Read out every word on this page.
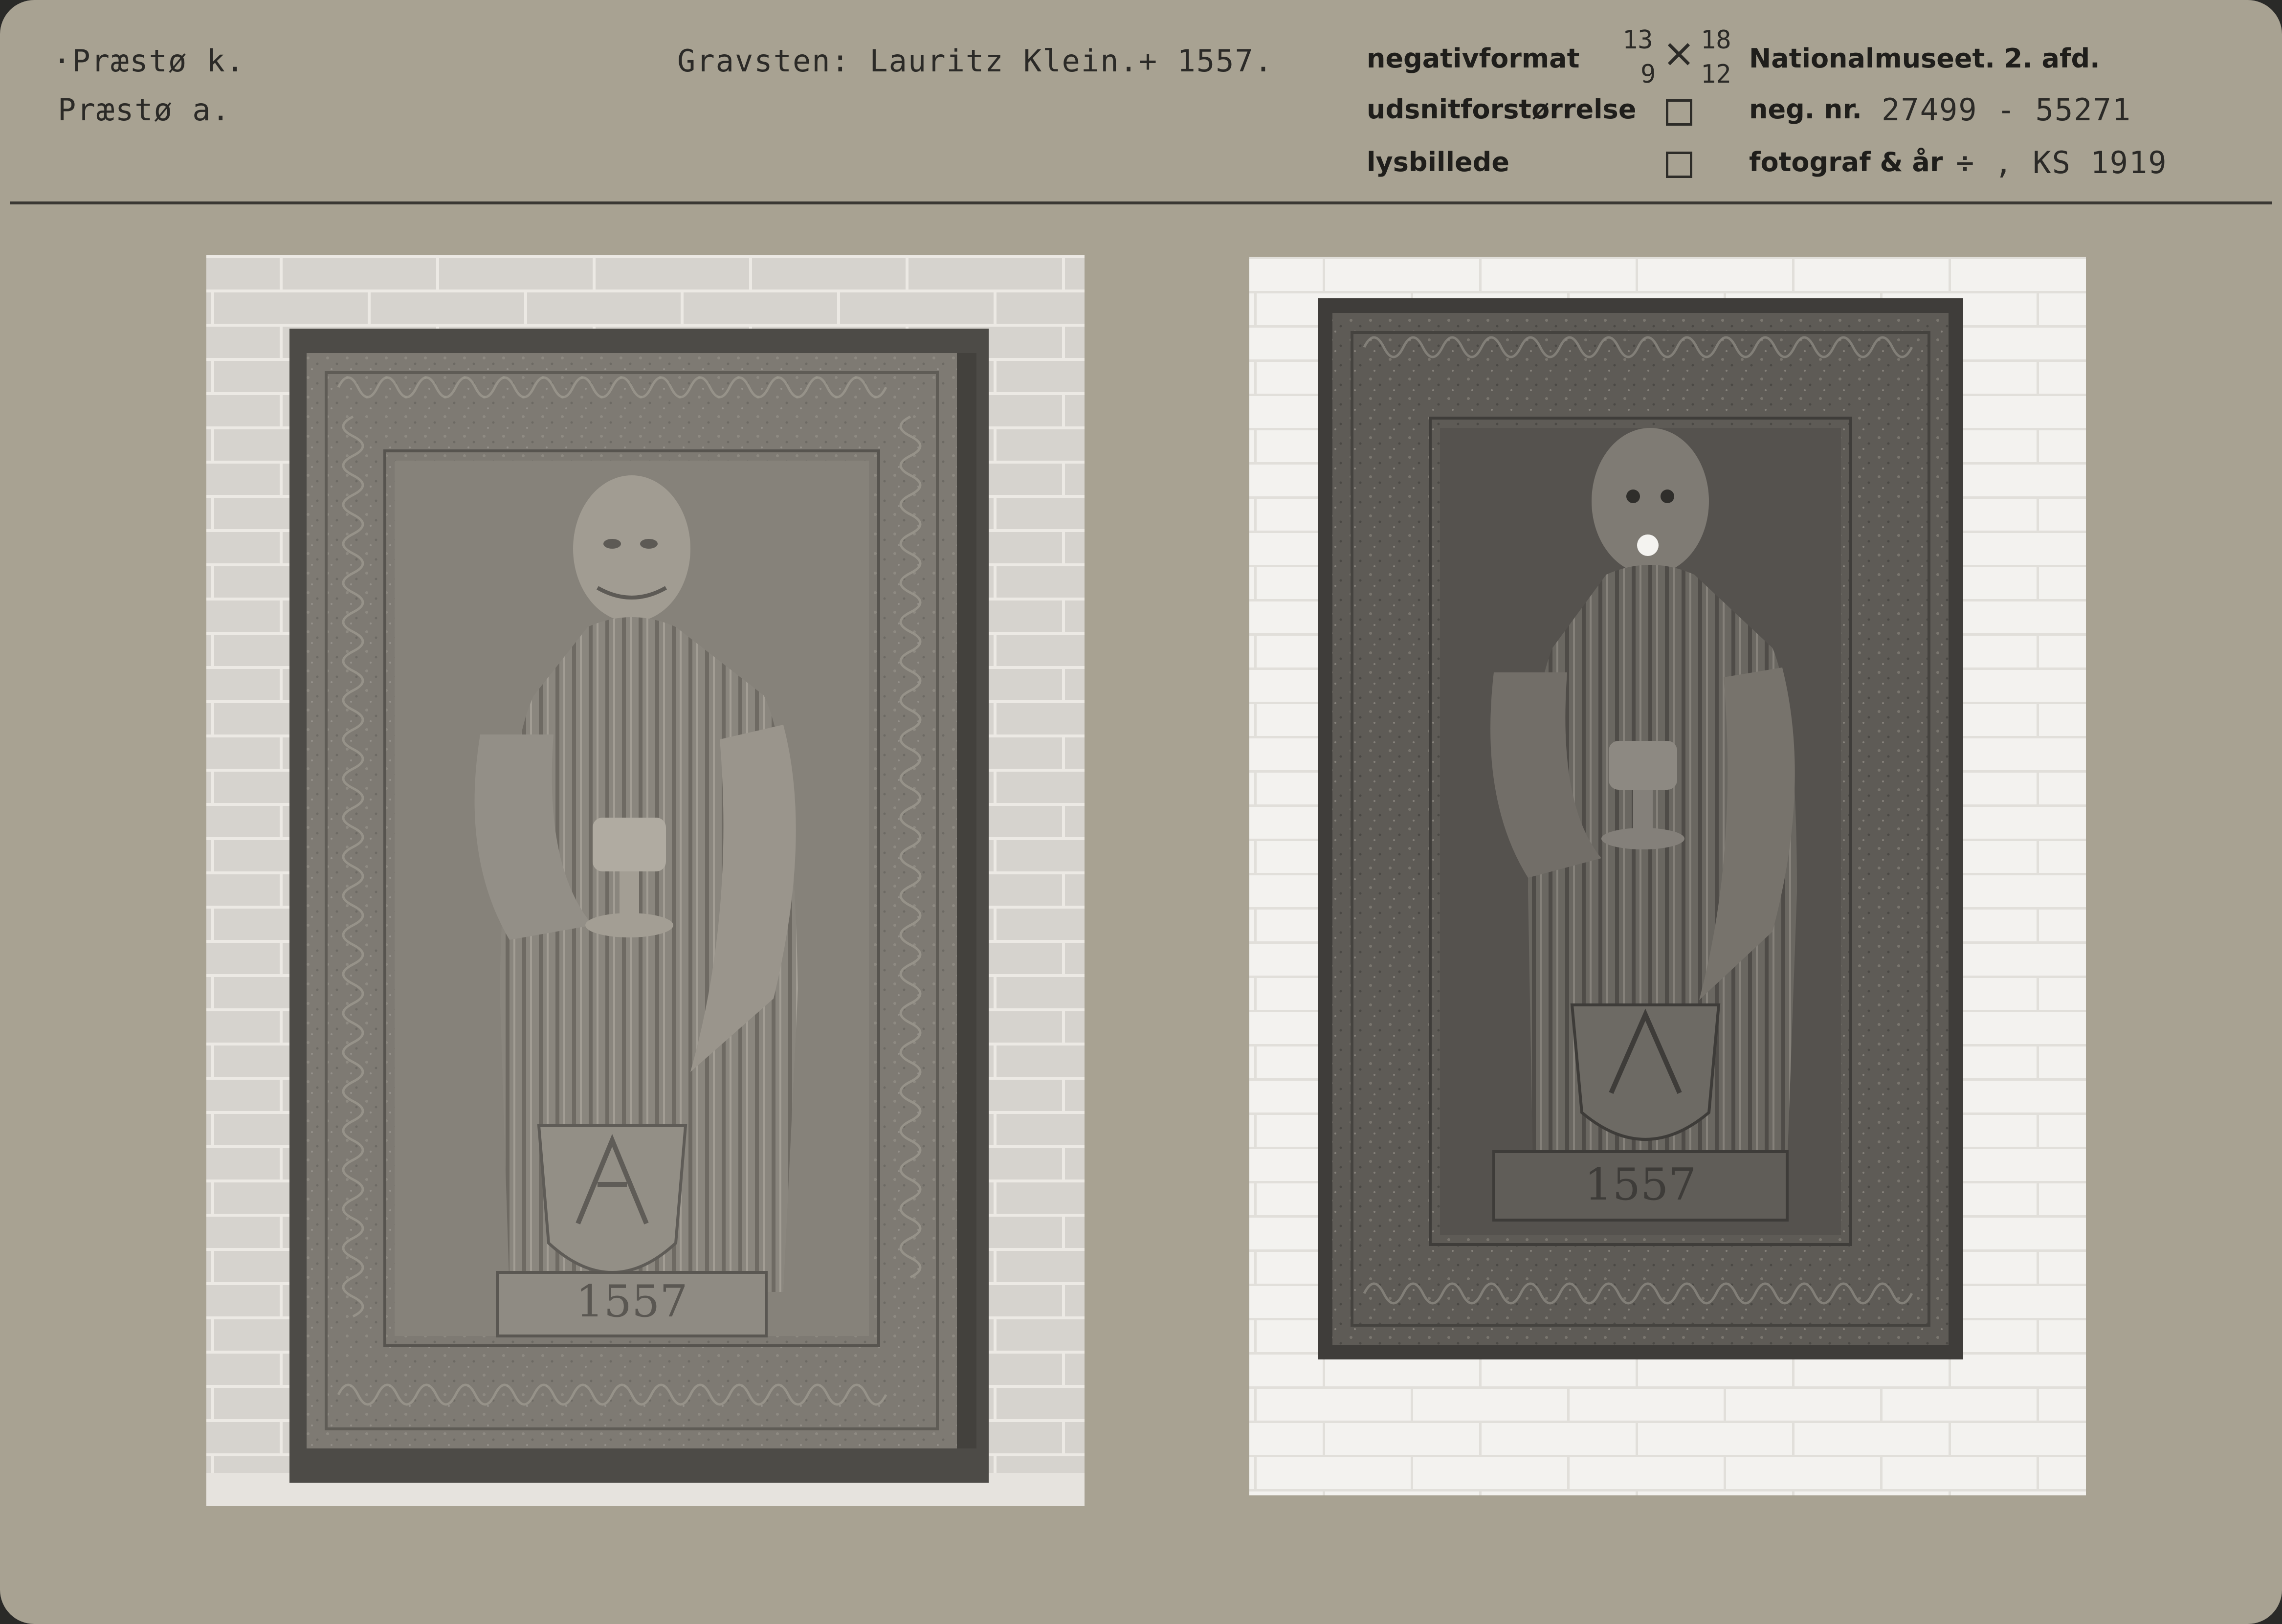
·Præstø k.
Præstø a.
Gravsten: Lauritz Klein.+ 1557.	negativformat
udsnitforstørrelse
lysbillede
13
9 × 18
12
Nationalmuseet. 2. afd.
neg. nr. 27499 - 55271
fotograf & år ÷ , KS 1919
1557
1557
